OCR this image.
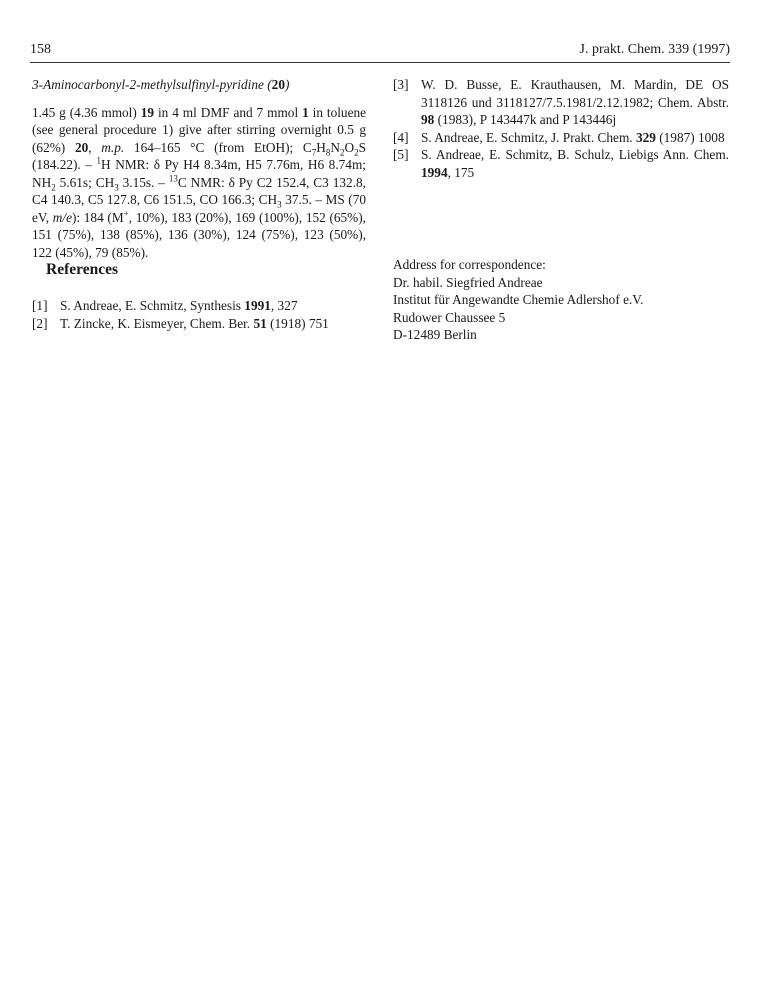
158	J. prakt. Chem. 339 (1997)

3-Aminocarbonyl-2-methylsulfinyl-pyridine (20)

1.45 g (4.36 mmol) 19 in 4 ml DMF and 7 mmol 1 in toluene (see general procedure 1) give after stirring overnight 0.5 g (62%) 20, m.p. 164–165 °C (from EtOH); $C_7H_8N_2O_2S$ (184.22). – $^1$H NMR: δ Py H4 8.34m, H5 7.76m, H6 8.74m; $NH_2$ 5.61s; $CH_3$ 3.15s. – $^{13}$C NMR: δ Py C2 152.4, C3 132.8, C4 140.3, C5 127.8, C6 151.5, CO 166.3; $CH_3$ 37.5. – MS (70 eV, m/e): 184 (M+, 10%), 183 (20%), 169 (100%), 152 (65%), 151 (75%), 138 (85%), 136 (30%), 124 (75%), 123 (50%), 122 (45%), 79 (85%).

References
[1] S. Andreae, E. Schmitz, Synthesis 1991, 327
[2] T. Zincke, K. Eismeyer, Chem. Ber. 51 (1918) 751
[3] W. D. Busse, E. Krauthausen, M. Mardin, DE OS 3118126 und 3118127/7.5.1981/2.12.1982; Chem. Abstr. 98 (1983), P 143447k and P 143446j
[4] S. Andreae, E. Schmitz, J. Prakt. Chem. 329 (1987) 1008
[5] S. Andreae, E. Schmitz, B. Schulz, Liebigs Ann. Chem. 1994, 175
Address for correspondence:
Dr. habil. Siegfried Andreae
Institut für Angewandte Chemie Adlershof e.V.
Rudower Chaussee 5
D-12489 Berlin
